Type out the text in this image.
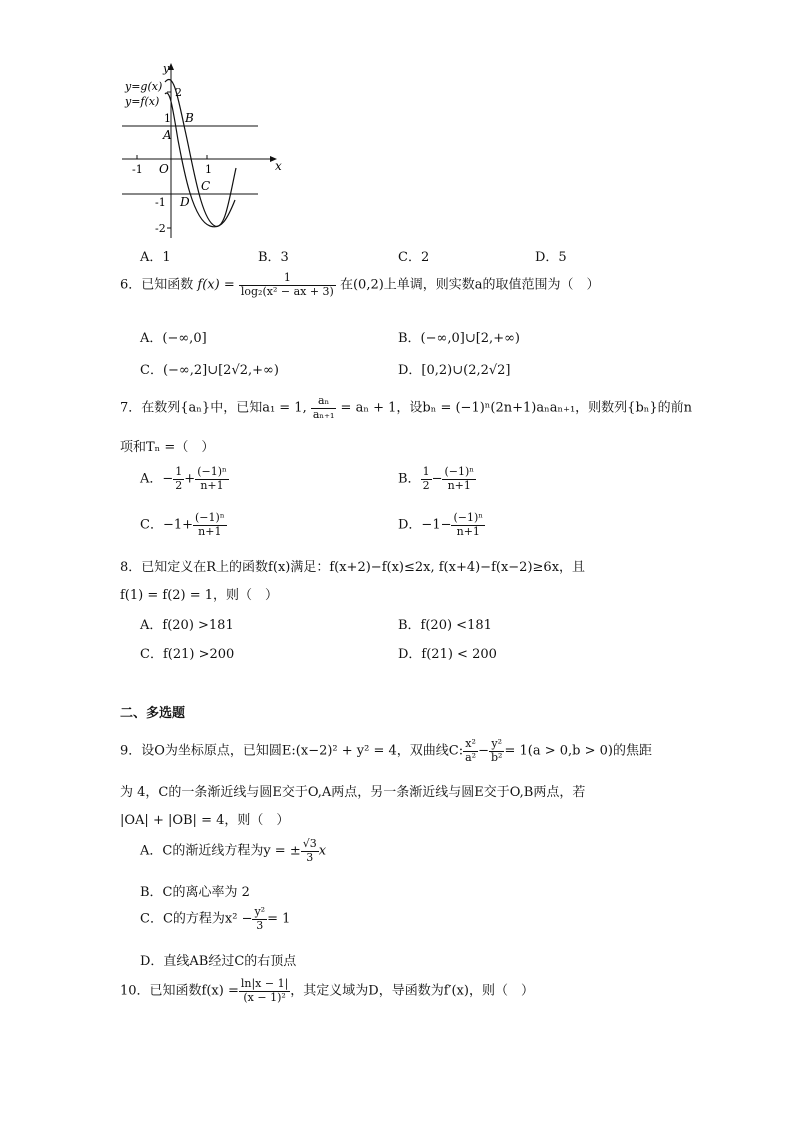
y=g(x)
y=f(x)
y
x
2
1
-1
-2
-1	1
O
A
B
C
D
A．1	B．3	C．2	D．5
6．已知函数 $f(x) = \frac{1}{\text{log₂(x² − ax + 3)}}$ 在(0,2)上单调，则实数a的取值范围为（　）
A．(−∞,0]	B．(−∞,0]∪[2,+∞)
C．(−∞,2]∪[2√2,+∞)	D．[0,2)∪(2,2√2]
7．在数列{aₙ}中，已知a₁ = 1, $\frac{\text{aₙ}}{\text{aₙ₊₁}} = a_n + 1$，设bₙ = (−1)ⁿ(2n+1)aₙaₙ₊₁，则数列{bₙ}的前n
项和Tₙ =（　）
A．− $\frac{1}{2} + \frac{\text{(−1)ⁿ}}{n+1}$	B． $\frac{1}{2} - \frac{\text{(−1)ⁿ}}{n+1}$
C．$-1+ \frac{\text{(−1)ⁿ}}{n+1}$	D．$-1- \frac{\text{(−1)ⁿ}}{n+1}$
8．已知定义在R上的函数f(x)满足：f(x+2)−f(x)≤2x, f(x+4)−f(x−2)≥6x，且
f(1) = f(2) = 1，则（　）
A．f(20) >181	B．f(20) <181
C．f(21) >200	D．f(21) < 200
二、多选题
9．设O为坐标原点，已知圆E:(x−2)² + y² = 4，双曲线C: $\frac{\text{x²}}{\text{a²}} - \frac{\text{y²}}{\text{b²}} = 1(a > 0,b > 0)$的焦距
为 4，C的一条渐近线与圆E交于O,A两点，另一条渐近线与圆E交于O,B两点，若
|OA| + |OB| = 4，则（　）
A．C的渐近线方程为y = ± $\frac{√3}{3}$ x
B．C的离心率为 2
C．C的方程为$x^2 - \frac{\text{y²}}{3} = 1$
D．直线AB经过C的右顶点
10．已知函数$f(x) = \frac{\ln|x - 1|}{\text{(x − 1)²}}$ ，其定义域为D，导函数为f′(x)，则（　）
